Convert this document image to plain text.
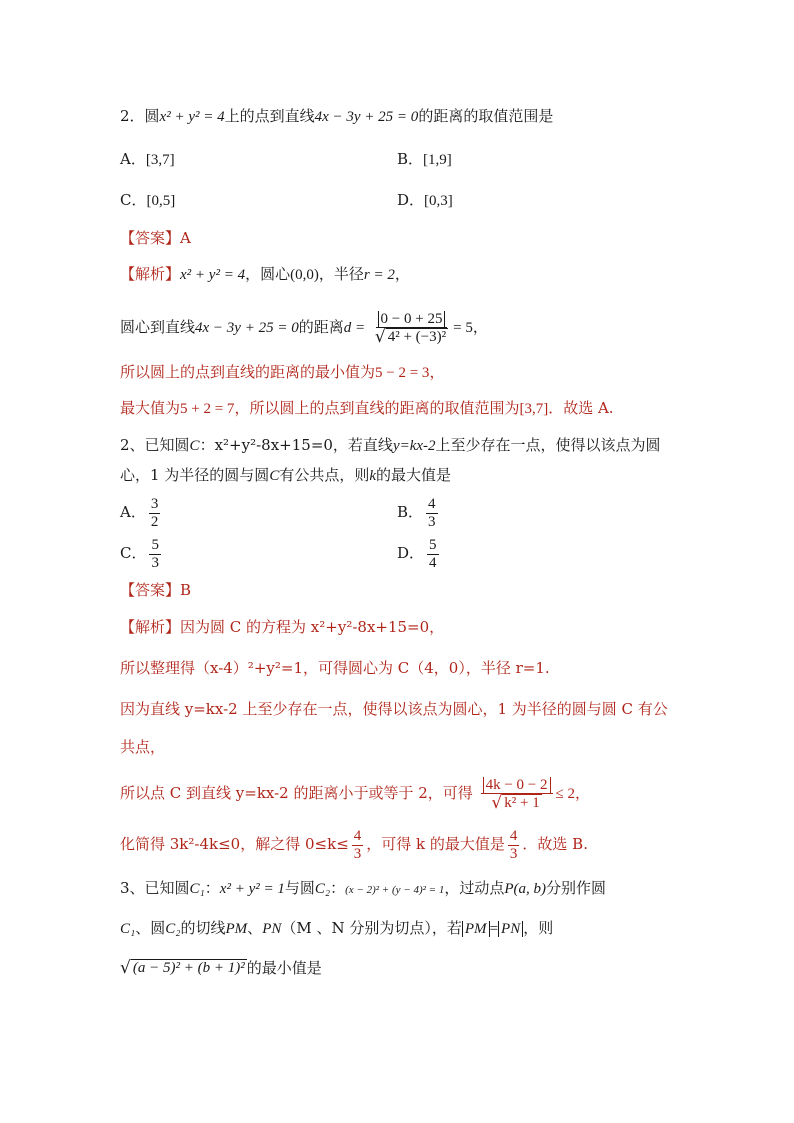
2．圆x² + y² = 4上的点到直线4x − 3y + 25 = 0的距离的取值范围是
A．[3,7]	B．[1,9]
C．[0,5]	D．[0,3]
【答案】A
【解析】x² + y² = 4，圆心(0,0)，半径r = 2，
圆心到直线4x − 3y + 25 = 0的距离$d = \frac{0 - 0 + 25}{\text{√ 4² + (−3)²}} = 5$，
所以圆上的点到直线的距离的最小值为5 − 2 = 3，
最大值为5 + 2 = 7，所以圆上的点到直线的距离的取值范围为[3,7]．故选 A.
2、已知圆C：x²+y²-8x+15=0，若直线y=kx-2上至少存在一点，使得以该点为圆
心，1 为半径的圆与圆C有公共点，则k的最大值是
A． $\frac{3}{2}$	B． $\frac{4}{3}$
C． $\frac{5}{3}$	D． $\frac{5}{4}$
【答案】B
【解析】因为圆 C 的方程为 x²+y²-8x+15=0，
所以整理得（x-4）²+y²=1，可得圆心为 C（4，0），半径 r=1.
因为直线 y=kx-2 上至少存在一点，使得以该点为圆心，1 为半径的圆与圆 C 有公
共点，
所以点 C 到直线 y=kx-2 的距离小于或等于 2，可得 $\frac{4k - 0 - 2}{\text{√ k² + 1}} \le 2$，
化简得 3k²-4k≤0，解之得 $0\le k\le \frac{4}{3}$ ，可得 k 的最大值是 $\frac{4}{3}$ ．故选 B.
3、已知圆C₁：x² + y² = 1与圆C₂：(x − 2)² + (y − 4)² = 1，过动点P(a, b)分别作圆
C₁、圆C₂的切线PM、PN（M 、N 分别为切点），若 PM = PN ，则
√ (a − 5)² + (b + 1)² 的最小值是
